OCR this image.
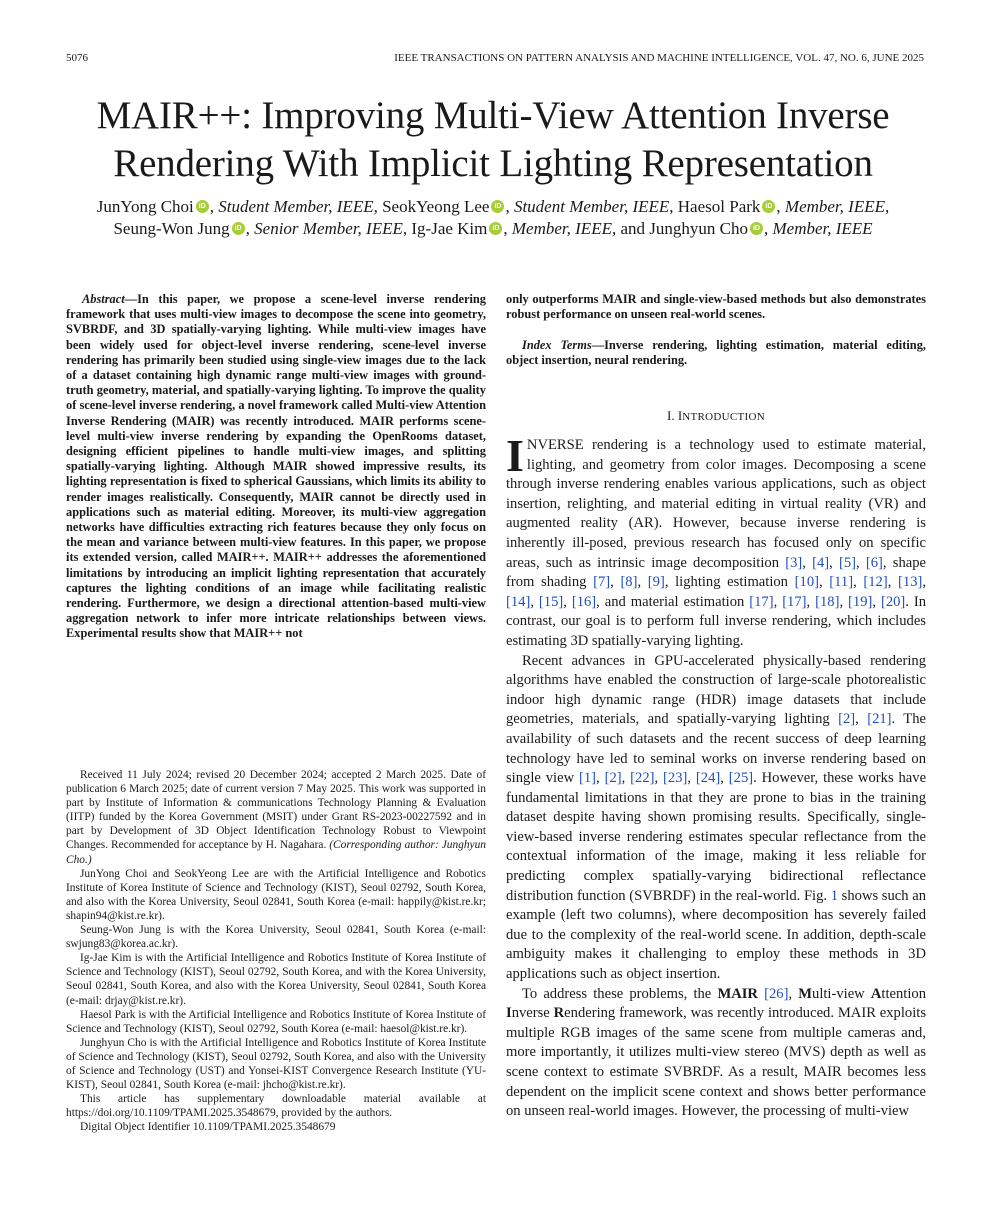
5076	IEEE TRANSACTIONS ON PATTERN ANALYSIS AND MACHINE INTELLIGENCE, VOL. 47, NO. 6, JUNE 2025
MAIR++: Improving Multi-View Attention Inverse
Rendering With Implicit Lighting Representation
JunYong Choi iD , Student Member, IEEE, SeokYeong Lee iD , Student Member, IEEE, Haesol Park iD , Member, IEEE,
Seung-Won Jung iD , Senior Member, IEEE, Ig-Jae Kim iD , Member, IEEE, and Junghyun Cho iD , Member, IEEE
Abstract—In this paper, we propose a scene-level inverse rendering framework that uses multi-view images to decompose the scene into geometry, SVBRDF, and 3D spatially-varying lighting. While multi-view images have been widely used for object-level inverse rendering, scene-level inverse rendering has primarily been studied using single-view images due to the lack of a dataset containing high dynamic range multi-view images with ground-truth geometry, material, and spatially-varying lighting. To improve the quality of scene-level inverse rendering, a novel framework called Multi-view Attention Inverse Rendering (MAIR) was recently introduced. MAIR performs scene-level multi-view inverse rendering by expanding the OpenRooms dataset, designing efficient pipelines to handle multi-view images, and splitting spatially-varying lighting. Although MAIR showed impressive results, its lighting representation is fixed to spherical Gaussians, which limits its ability to render images realistically. Consequently, MAIR cannot be directly used in applications such as material editing. Moreover, its multi-view aggregation networks have difficulties extracting rich features because they only focus on the mean and variance between multi-view features. In this paper, we propose its extended version, called MAIR++. MAIR++ addresses the aforementioned limitations by introducing an implicit lighting representation that accurately captures the lighting conditions of an image while facilitating realistic rendering. Furthermore, we design a directional attention-based multi-view aggregation network to infer more intricate relationships between views. Experimental results show that MAIR++ not
only outperforms MAIR and single-view-based methods but also demonstrates robust performance on unseen real-world scenes.
Index Terms—Inverse rendering, lighting estimation, material editing, object insertion, neural rendering.
I. INTRODUCTION

INVERSE rendering is a technology used to estimate material, lighting, and geometry from color images. Decomposing a scene through inverse rendering enables various applications, such as object insertion, relighting, and material editing in virtual reality (VR) and augmented reality (AR). However, because inverse rendering is inherently ill-posed, previous research has focused only on specific areas, such as intrinsic image decomposition [3], [4], [5], [6], shape from shading [7], [8], [9], lighting estimation [10], [11], [12], [13], [14], [15], [16], and material estimation [17], [17], [18], [19], [20]. In contrast, our goal is to perform full inverse rendering, which includes estimating 3D spatially-varying lighting.

Recent advances in GPU-accelerated physically-based rendering algorithms have enabled the construction of large-scale photorealistic indoor high dynamic range (HDR) image datasets that include geometries, materials, and spatially-varying lighting [2], [21]. The availability of such datasets and the recent success of deep learning technology have led to seminal works on inverse rendering based on single view [1], [2], [22], [23], [24], [25]. However, these works have fundamental limitations in that they are prone to bias in the training dataset despite having shown promising results. Specifically, single-view-based inverse rendering estimates specular reflectance from the contextual information of the image, making it less reliable for predicting complex spatially-varying bidirectional reflectance distribution function (SVBRDF) in the real-world. Fig. 1 shows such an example (left two columns), where decomposition has severely failed due to the complexity of the real-world scene. In addition, depth-scale ambiguity makes it challenging to employ these methods in 3D applications such as object insertion.

To address these problems, the MAIR [26], Multi-view Attention Inverse Rendering framework, was recently introduced. MAIR exploits multiple RGB images of the same scene from multiple cameras and, more importantly, it utilizes multi-view stereo (MVS) depth as well as scene context to estimate SVBRDF. As a result, MAIR becomes less dependent on the implicit scene context and shows better performance on unseen real-world images. However, the processing of multi-view

Received 11 July 2024; revised 20 December 2024; accepted 2 March 2025. Date of publication 6 March 2025; date of current version 7 May 2025. This work was supported in part by Institute of Information & communications Technology Planning & Evaluation (IITP) funded by the Korea Government (MSIT) under Grant RS-2023-00227592 and in part by Development of 3D Object Identification Technology Robust to Viewpoint Changes. Recommended for acceptance by H. Nagahara. (Corresponding author: Junghyun Cho.)

JunYong Choi and SeokYeong Lee are with the Artificial Intelligence and Robotics Institute of Korea Institute of Science and Technology (KIST), Seoul 02792, South Korea, and also with the Korea University, Seoul 02841, South Korea (e-mail: happily@kist.re.kr; shapin94@kist.re.kr).

Seung-Won Jung is with the Korea University, Seoul 02841, South Korea (e-mail: swjung83@korea.ac.kr).

Ig-Jae Kim is with the Artificial Intelligence and Robotics Institute of Korea Institute of Science and Technology (KIST), Seoul 02792, South Korea, and with the Korea University, Seoul 02841, South Korea, and also with the Korea University, Seoul 02841, South Korea (e-mail: drjay@kist.re.kr).

Haesol Park is with the Artificial Intelligence and Robotics Institute of Korea Institute of Science and Technology (KIST), Seoul 02792, South Korea (e-mail: haesol@kist.re.kr).

Junghyun Cho is with the Artificial Intelligence and Robotics Institute of Korea Institute of Science and Technology (KIST), Seoul 02792, South Korea, and also with the University of Science and Technology (UST) and Yonsei-KIST Convergence Research Institute (YU-KIST), Seoul 02841, South Korea (e-mail: jhcho@kist.re.kr).

This article has supplementary downloadable material available at https://doi.org/10.1109/TPAMI.2025.3548679, provided by the authors.

Digital Object Identifier 10.1109/TPAMI.2025.3548679
